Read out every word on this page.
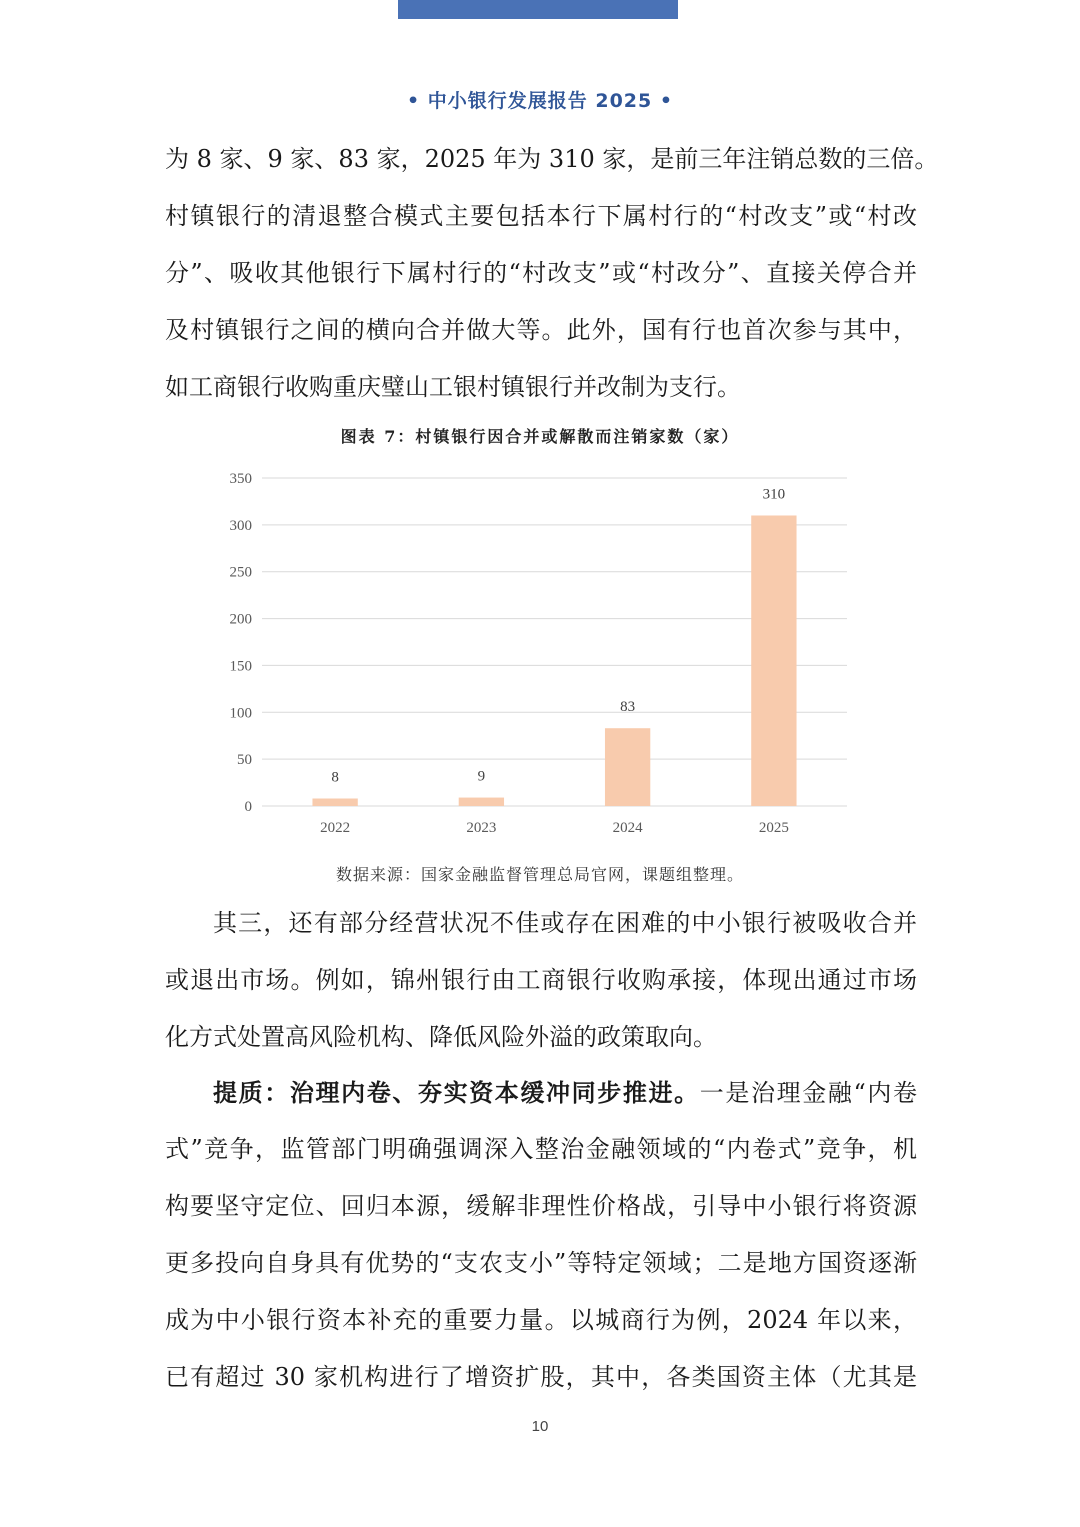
• 中小银行发展报告 2025 •
为 8 家、9 家、83 家，2025 年为 310 家，是前三年注销总数的三倍。
村镇银行的清退整合模式主要包括本行下属村行的“村改支”或“村改
分”、吸收其他银行下属村行的“村改支”或“村改分”、直接关停合并
及村镇银行之间的横向合并做大等。此外，国有行也首次参与其中，
如工商银行收购重庆璧山工银村镇银行并改制为支行。
图表 7：村镇银行因合并或解散而注销家数（家）
0
50
100
150
200
250
300
350
8	9
83
310
2022	2023	2024	2025
数据来源：国家金融监督管理总局官网，课题组整理。
其三，还有部分经营状况不佳或存在困难的中小银行被吸收合并
或退出市场。例如，锦州银行由工商银行收购承接，体现出通过市场
化方式处置高风险机构、降低风险外溢的政策取向。
提质：治理内卷、夯实资本缓冲同步推进。一是治理金融“内卷
式”竞争，监管部门明确强调深入整治金融领域的“内卷式”竞争，机
构要坚守定位、回归本源，缓解非理性价格战，引导中小银行将资源
更多投向自身具有优势的“支农支小”等特定领域；二是地方国资逐渐
成为中小银行资本补充的重要力量。以城商行为例，2024 年以来，
已有超过 30 家机构进行了增资扩股，其中，各类国资主体（尤其是
10
